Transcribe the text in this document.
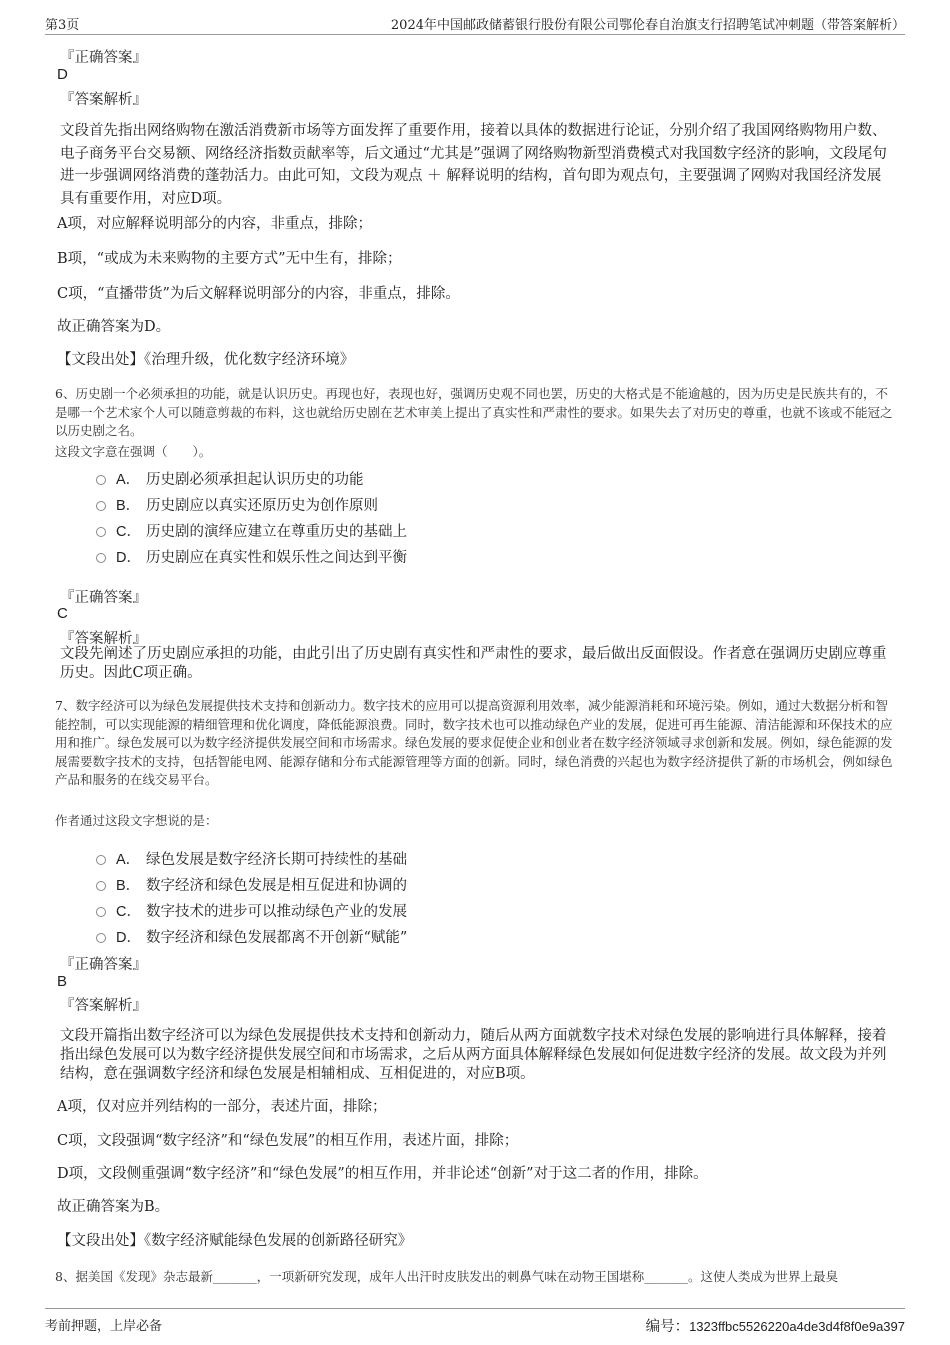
第3页	2024年中国邮政储蓄银行股份有限公司鄂伦春自治旗支行招聘笔试冲刺题（带答案解析）
『正确答案』
D
『答案解析』
文段首先指出网络购物在激活消费新市场等方面发挥了重要作用，接着以具体的数据进行论证，分别介绍了我国网络购物用户数、电子商务平台交易额、网络经济指数贡献率等，后文通过“尤其是”强调了网络购物新型消费模式对我国数字经济的影响，文段尾句进一步强调网络消费的蓬勃活力。由此可知，文段为观点 ＋ 解释说明的结构，首句即为观点句，主要强调了网购对我国经济发展具有重要作用，对应D项。
A项，对应解释说明部分的内容，非重点，排除；
B项，“或成为未来购物的主要方式”无中生有，排除；
C项，“直播带货”为后文解释说明部分的内容，非重点，排除。
故正确答案为D。
【文段出处】《治理升级，优化数字经济环境》
6、历史剧一个必须承担的功能，就是认识历史。再现也好，表现也好，强调历史观不同也罢，历史的大格式是不能逾越的，因为历史是民族共有的，不是哪一个艺术家个人可以随意剪裁的布料，这也就给历史剧在艺术审美上提出了真实性和严肃性的要求。如果失去了对历史的尊重，也就不该或不能冠之以历史剧之名。
这段文字意在强调（　　）。
A． 历史剧必须承担起认识历史的功能
B． 历史剧应以真实还原历史为创作原则
C． 历史剧的演绎应建立在尊重历史的基础上
D． 历史剧应在真实性和娱乐性之间达到平衡
『正确答案』
C
『答案解析』
文段先阐述了历史剧应承担的功能，由此引出了历史剧有真实性和严肃性的要求，最后做出反面假设。作者意在强调历史剧应尊重历史。因此C项正确。
7、数字经济可以为绿色发展提供技术支持和创新动力。数字技术的应用可以提高资源利用效率，减少能源消耗和环境污染。例如，通过大数据分析和智能控制，可以实现能源的精细管理和优化调度，降低能源浪费。同时，数字技术也可以推动绿色产业的发展，促进可再生能源、清洁能源和环保技术的应用和推广。绿色发展可以为数字经济提供发展空间和市场需求。绿色发展的要求促使企业和创业者在数字经济领域寻求创新和发展。例如，绿色能源的发展需要数字技术的支持，包括智能电网、能源存储和分布式能源管理等方面的创新。同时，绿色消费的兴起也为数字经济提供了新的市场机会，例如绿色产品和服务的在线交易平台。
作者通过这段文字想说的是：
A． 绿色发展是数字经济长期可持续性的基础
B． 数字经济和绿色发展是相互促进和协调的
C． 数字技术的进步可以推动绿色产业的发展
D． 数字经济和绿色发展都离不开创新“赋能”
『正确答案』
B
『答案解析』
文段开篇指出数字经济可以为绿色发展提供技术支持和创新动力，随后从两方面就数字技术对绿色发展的影响进行具体解释，接着指出绿色发展可以为数字经济提供发展空间和市场需求，之后从两方面具体解释绿色发展如何促进数字经济的发展。故文段为并列结构，意在强调数字经济和绿色发展是相辅相成、互相促进的，对应B项。
A项，仅对应并列结构的一部分，表述片面，排除；
C项，文段强调“数字经济”和“绿色发展”的相互作用，表述片面，排除；
D项，文段侧重强调“数字经济”和“绿色发展”的相互作用，并非论述“创新”对于这二者的作用，排除。
故正确答案为B。
【文段出处】《数字经济赋能绿色发展的创新路径研究》
8、据美国《发现》杂志最新_______，一项新研究发现，成年人出汗时皮肤发出的刺鼻气味在动物王国堪称_______。这使人类成为世界上最臭
考前押题，上岸必备	编号：1323ffbc5526220a4de3d4f8f0e9a397
